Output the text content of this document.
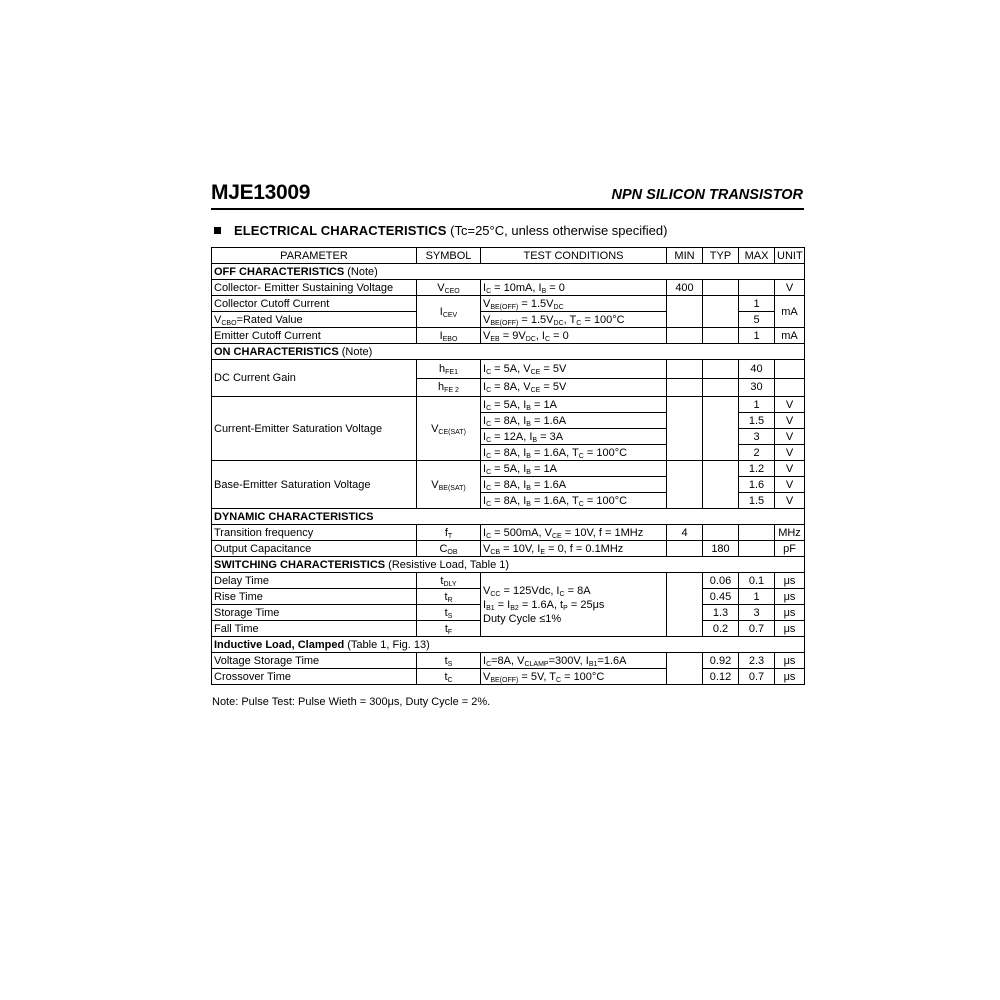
MJE13009	NPN SILICON TRANSISTOR
ELECTRICAL CHARACTERISTICS (Tc=25°C, unless otherwise specified)
PARAMETER	SYMBOL	TEST CONDITIONS	MIN	TYP	MAX	UNIT
OFF CHARACTERISTICS (Note)						
Collector- Emitter Sustaining Voltage	$V_{CEO}$	$I_C = 10mA$, $I_B = 0$	400			V
Collector Cutoff Current	$I_{CEV}$	$V_{BE(OFF)} = 1.5V_{DC}$			1	mA
$V_{CBO}=Rated$ Value		$V_{BE(OFF)} = 1.5V_{DC}$, $T_C = 100^\circ C$			5	
Emitter Cutoff Current	$I_{EBO}$	$V_{EB} = 9V_{DC}$, $I_C = 0$			1	mA
ON CHARACTERISTICS (Note)						
DC Current Gain	$h_{FE1}$	$I_C = 5A$, $V_{CE} = 5V$			40	
	$h_{FE 2}$	$I_C = 8A$, $V_{CE} = 5V$			30	
Current-Emitter Saturation Voltage	$V_{CE(SAT)}$	$I_C = 5A$, $I_B = 1A$			1	V
		$I_C = 8A$, $I_B = 1.6A$			1.5	V
		$I_C = 12A$, $I_B = 3A$			3	V
		$I_C = 8A$, $I_B = 1.6A$, $T_C = 100^\circ C$			2	V
Base-Emitter Saturation Voltage	$V_{BE(SAT)}$	$I_C = 5A$, $I_B = 1A$			1.2	V
		$I_C = 8A$, $I_B = 1.6A$			1.6	V
		$I_C = 8A$, $I_B = 1.6A$, $T_C = 100^\circ C$			1.5	V
DYNAMIC CHARACTERISTICS						
Transition frequency	$f_T$	$I_C = 500mA$, $V_{CE} = 10V$, f = 1MHz	4			MHz
Output Capacitance	$C_{OB}$	$V_{CB} = 10V$, $I_E = 0$, f = 0.1MHz		180		pF
SWITCHING CHARACTERISTICS (Resistive Load, Table 1)						
Delay Time	$t_{DLY}$	$V_{CC} = 125Vdc$, $I_C = 8A$
$I_{B1} = I_{B2} = 1.6A$, $t_P = 25\mu s$
Duty Cycle ≤1%		0.06	0.1	μs
Rise Time	$t_R$			0.45	1	μs
Storage Time	$t_S$			1.3	3	μs
Fall Time	$t_F$			0.2	0.7	μs
Inductive Load, Clamped (Table 1, Fig. 13)						
Voltage Storage Time	$t_S$	$I_C=8A$, $V_{CLAMP}=300V$, $I_{B1}=1.6A$		0.92	2.3	μs
Crossover Time	$t_C$	$V_{BE(OFF)} = 5V$, $T_C = 100^\circ C$		0.12	0.7	μs
Note: Pulse Test: Pulse Wieth = 300μs, Duty Cycle = 2%.
